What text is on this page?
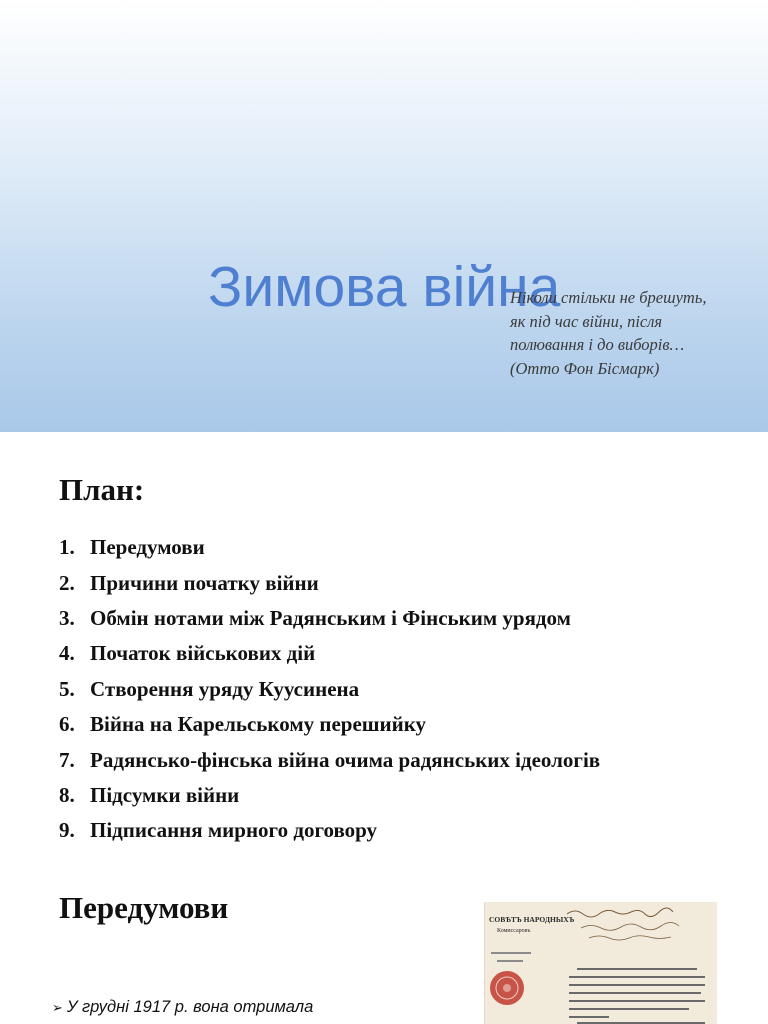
Зимова війна

Ніколи стільки не брешуть,
як під час війни, після
полювання і до виборів…
(Отто Фон Бісмарк)

План:
1. Передумови
2. Причини початку війни
3. Обмін нотами між Радянським і Фінським урядом
4. Початок військових дій
5. Створення уряду Куусинена
6. Війна на Карельському перешийку
7. Радянсько-фінська війна очима радянських ідеологів
8. Підсумки війни
9. Підписання мирного договору
Передумови	СОВѢТЪ НАРОДНЫХЪ
Комиссаровъ
➢ У грудні 1917 р. вона отримала
